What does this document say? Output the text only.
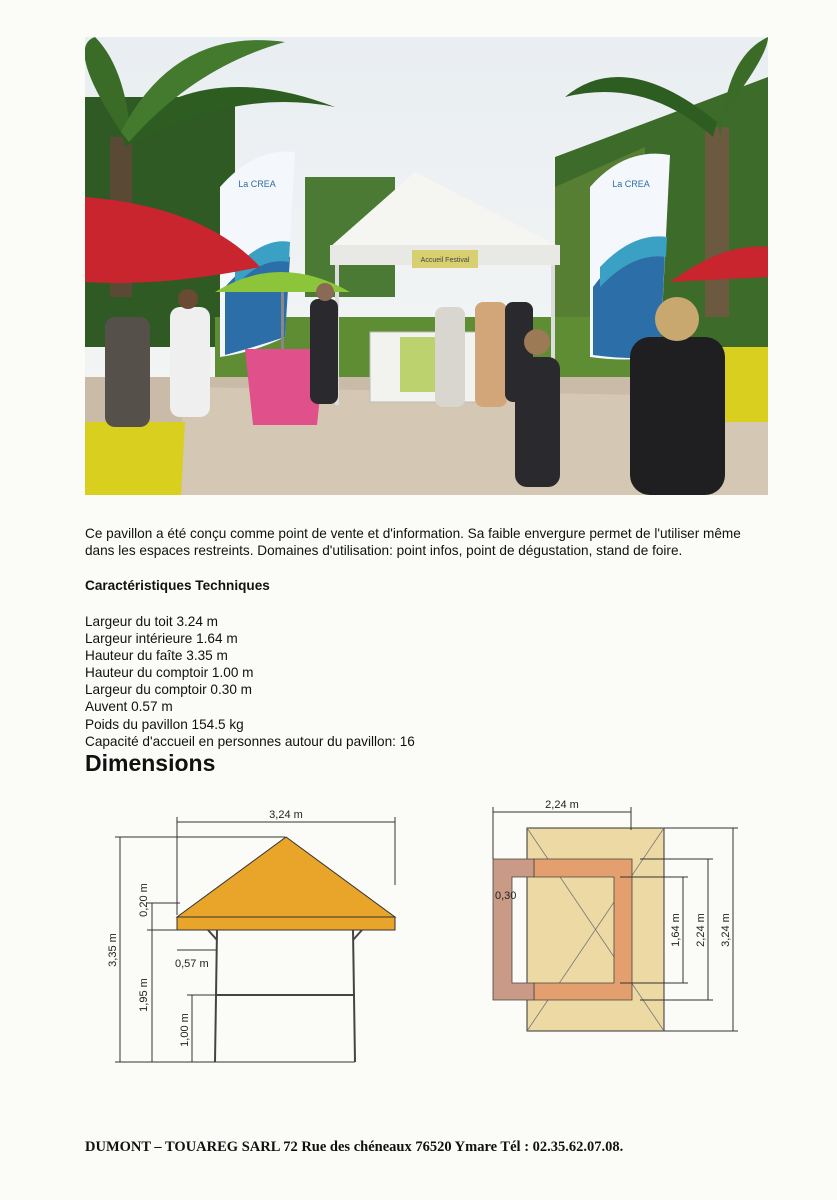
Accueil Festival
La CREA	La CREA

Ce pavillon a été conçu comme point de vente et d'information. Sa faible envergure permet de l'utiliser même dans les espaces restreints. Domaines d'utilisation: point infos, point de dégustation, stand de foire.

Caractéristiques Techniques

Largeur du toit 3.24 m
Largeur intérieure 1.64 m
Hauteur du faîte 3.35 m
Hauteur du comptoir 1.00 m
Largeur du comptoir 0.30 m
Auvent 0.57 m
Poids du pavillon 154.5 kg
Capacité d'accueil en personnes autour du pavillon: 16

Dimensions

3,24 m
3,35 m
0,20 m
1,95 m
1,00 m
0,57 m
2,24 m
0,30
1,64 m 2,24 m 3,24 m
DUMONT – TOUAREG SARL 72 Rue des chéneaux 76520 Ymare Tél : 02.35.62.07.08.
